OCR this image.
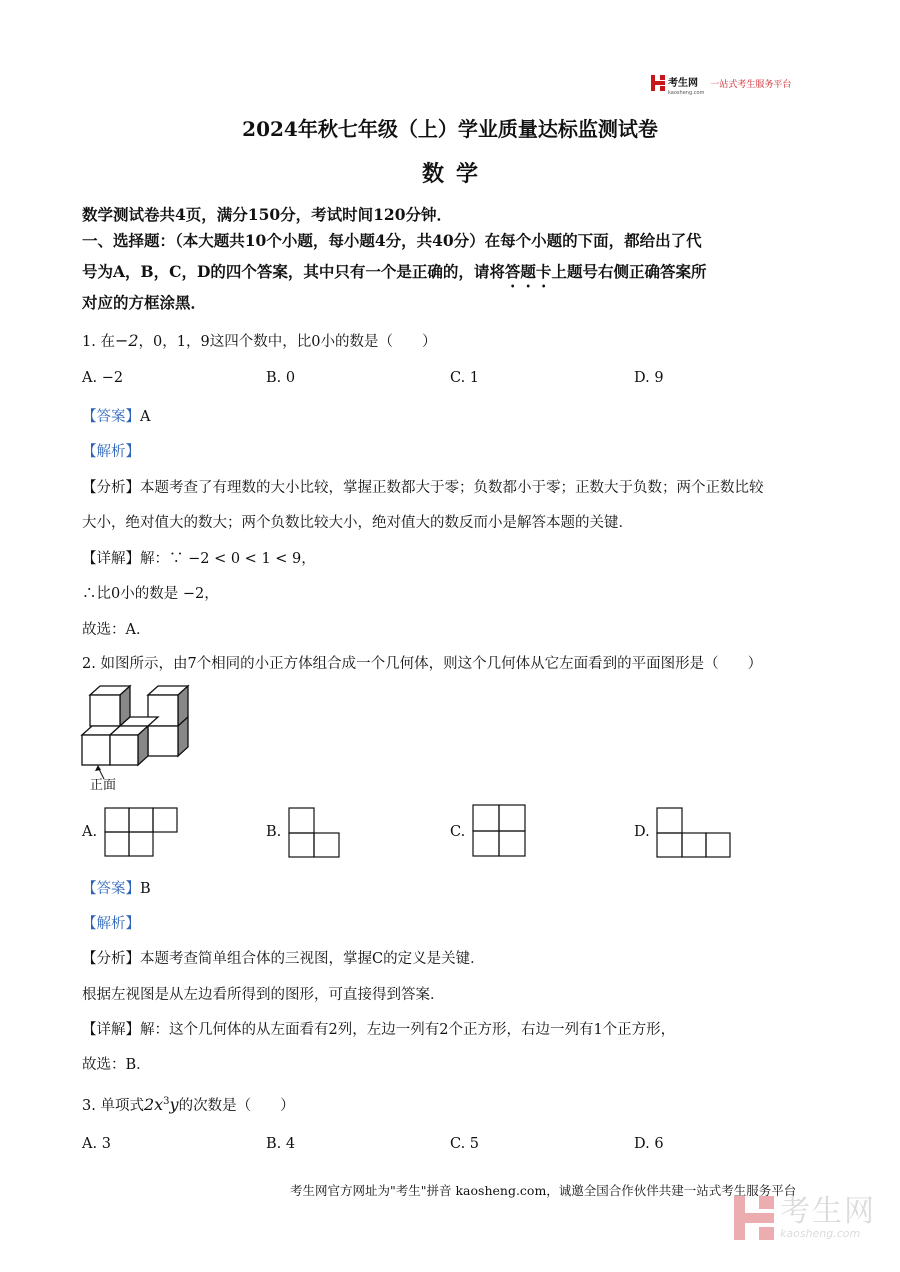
考生网
kaosheng.com
一站式考生服务平台
2024年秋七年级（上）学业质量达标监测试卷
数学
数学测试卷共4页，满分150分，考试时间120分钟．
一、选择题：（本大题共10个小题，每小题4分，共40分）在每个小题的下面，都给出了代
号为A，B，C，D的四个答案，其中只有一个是正确的，请将答题卡上题号右侧正确答案所
对应的方框涂黑．
1. 在−2，0，1，9这四个数中，比0小的数是（　　）
A. −2	B. 0	C. 1	D. 9
【答案】A
【解析】
【分析】本题考查了有理数的大小比较，掌握正数都大于零；负数都小于零；正数大于负数；两个正数比较
大小，绝对值大的数大；两个负数比较大小，绝对值大的数反而小是解答本题的关键．
【详解】解：∵ −2 < 0 < 1 < 9，
∴比0小的数是 −2，
故选：A．
2. 如图所示，由7个相同的小正方体组合成一个几何体，则这个几何体从它左面看到的平面图形是（　　）
正面
A.	B.	C.	D.
【答案】B
【解析】
【分析】本题考查简单组合体的三视图，掌握C的定义是关键．
根据左视图是从左边看所得到的图形，可直接得到答案．
【详解】解：这个几何体的从左面看有2列，左边一列有2个正方形，右边一列有1个正方形，
故选：B．
3. 单项式$2x^3y$的次数是（　　）
A. 3	B. 4	C. 5	D. 6
考生网官方网址为"考生"拼音 kaosheng.com，诚邀全国合作伙伴共建一站式考生服务平台
考生网
kaosheng.com
